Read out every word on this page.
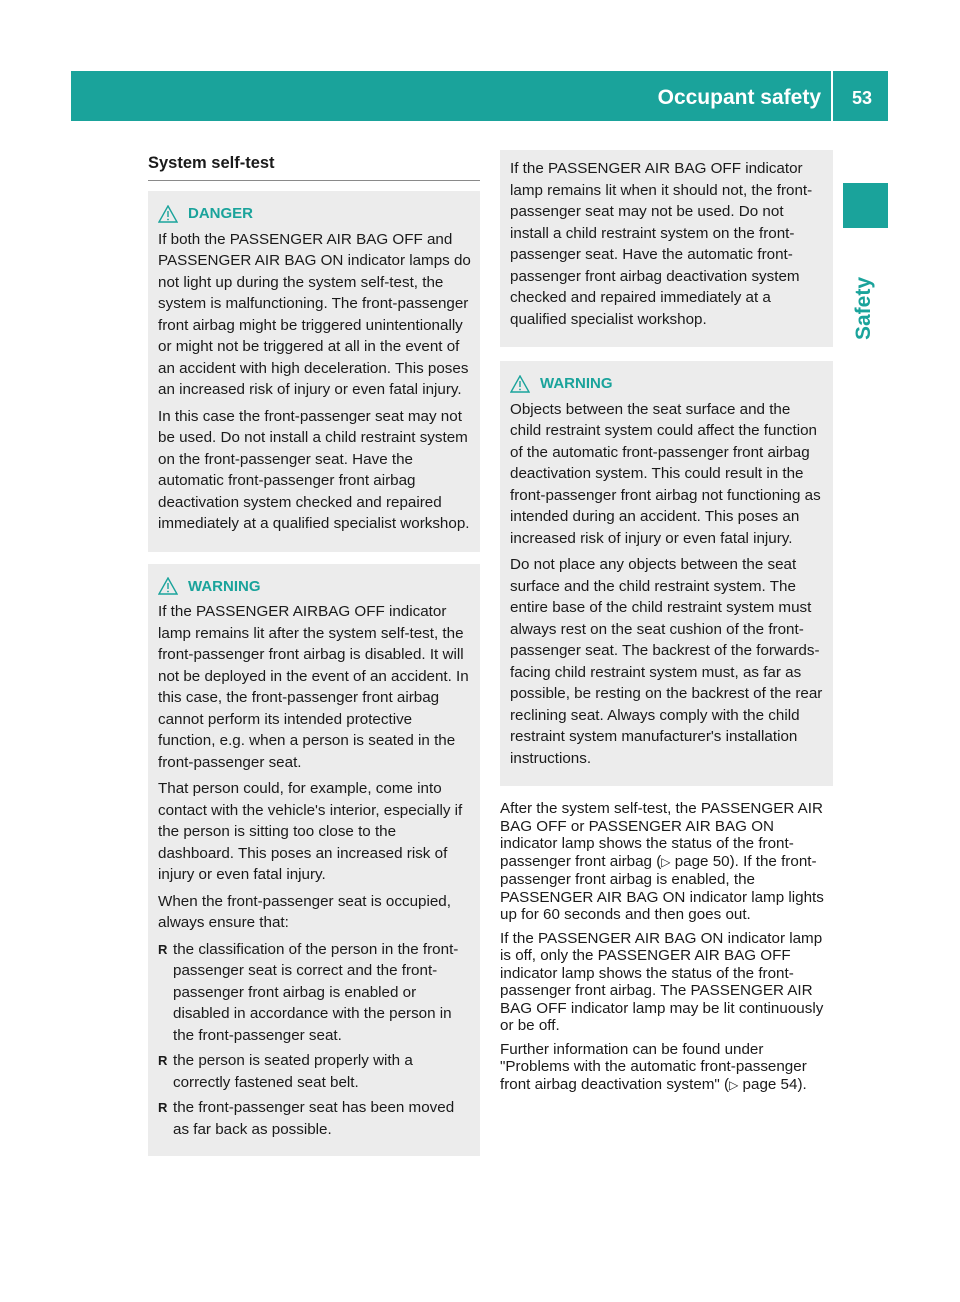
Occupant safety 53
Safety
System self-test
DANGER

If both the PASSENGER AIR BAG OFF and PASSENGER AIR BAG ON indicator lamps do not light up during the system self-test, the system is malfunctioning. The front-passenger front airbag might be triggered unintentionally or might not be triggered at all in the event of an accident with high deceleration. This poses an increased risk of injury or even fatal injury.

In this case the front-passenger seat may not be used. Do not install a child restraint system on the front-passenger seat. Have the automatic front-passenger front airbag deactivation system checked and repaired immediately at a qualified specialist workshop.

WARNING

If the PASSENGER AIRBAG OFF indicator lamp remains lit after the system self-test, the front-passenger front airbag is disabled. It will not be deployed in the event of an accident. In this case, the front-passenger front airbag cannot perform its intended protective function, e.g. when a person is seated in the front-passenger seat.

That person could, for example, come into contact with the vehicle's interior, especially if the person is sitting too close to the dashboard. This poses an increased risk of injury or even fatal injury.

When the front-passenger seat is occupied, always ensure that:

R the classification of the person in the front-passenger seat is correct and the front-passenger front airbag is enabled or disabled in accordance with the person in the front-passenger seat.
R the person is seated properly with a correctly fastened seat belt.
R the front-passenger seat has been moved as far back as possible.

If the PASSENGER AIR BAG OFF indicator lamp remains lit when it should not, the front-passenger seat may not be used. Do not install a child restraint system on the front-passenger seat. Have the automatic front-passenger front airbag deactivation system checked and repaired immediately at a qualified specialist workshop.

WARNING

Objects between the seat surface and the child restraint system could affect the function of the automatic front-passenger front airbag deactivation system. This could result in the front-passenger front airbag not functioning as intended during an accident. This poses an increased risk of injury or even fatal injury.

Do not place any objects between the seat surface and the child restraint system. The entire base of the child restraint system must always rest on the seat cushion of the front-passenger seat. The backrest of the forwards-facing child restraint system must, as far as possible, be resting on the backrest of the rear reclining seat. Always comply with the child restraint system manufacturer's installation instructions.

After the system self-test, the PASSENGER AIR BAG OFF or PASSENGER AIR BAG ON indicator lamp shows the status of the front-passenger front airbag (▷ page 50). If the front-passenger front airbag is enabled, the PASSENGER AIR BAG ON indicator lamp lights up for 60 seconds and then goes out.

If the PASSENGER AIR BAG ON indicator lamp is off, only the PASSENGER AIR BAG OFF indicator lamp shows the status of the front-passenger front airbag. The PASSENGER AIR BAG OFF indicator lamp may be lit continuously or be off.

Further information can be found under "Problems with the automatic front-passenger front airbag deactivation system" (▷ page 54).
